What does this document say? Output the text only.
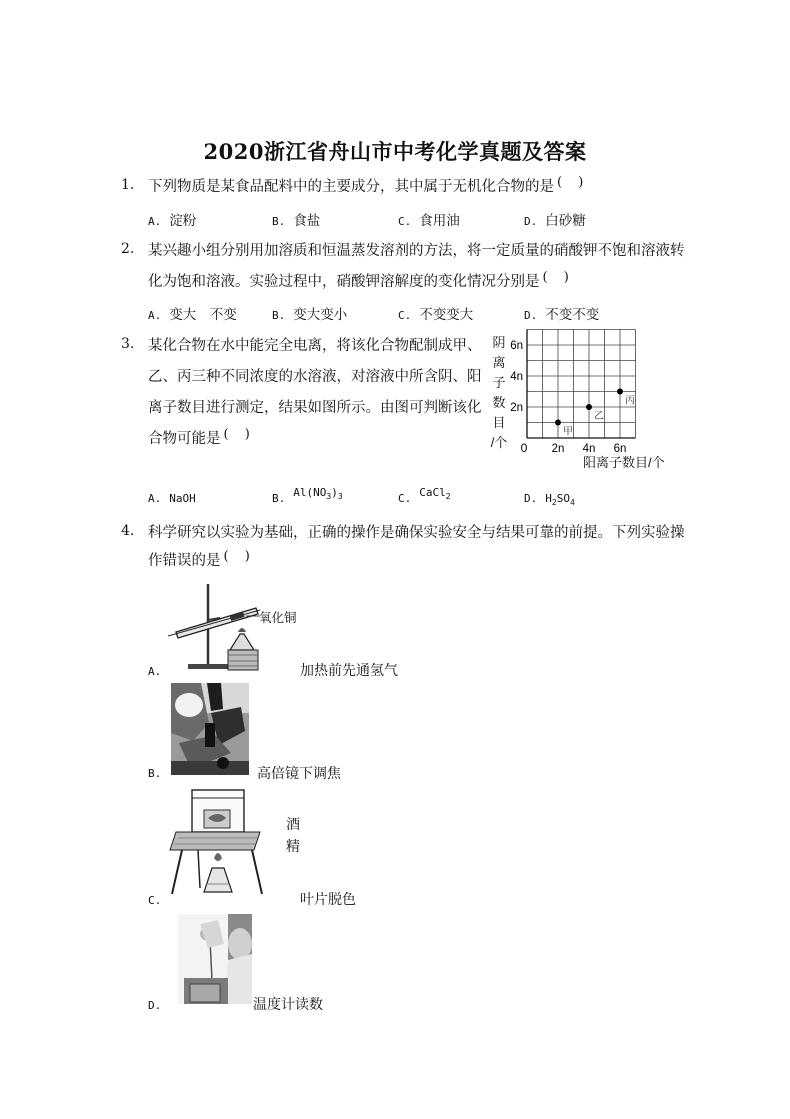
2020浙江省舟山市中考化学真题及答案
1. 下列物质是某食品配料中的主要成分，其中属于无机化合物的是 ( )
A. 淀粉	B. 食盐	C. 食用油	D. 白砂糖
2. 某兴趣小组分别用加溶质和恒温蒸发溶剂的方法，将一定质量的硝酸钾不饱和溶液转
化为饱和溶液。实验过程中，硝酸钾溶解度的变化情况分别是 ( )
A. 变大　不变	B. 变大变小	C. 不变变大	D. 不变不变
3. 某化合物在水中能完全电离，将该化合物配制成甲、
乙、丙三种不同浓度的水溶液，对溶液中所含阴、阳
离子数目进行测定，结果如图所示。由图可判断该化
合物可能是 ( )
阴
离
子
数
目
/个 0 2n 4n 6n
2n
4n
6n
甲
乙
丙
阳离子数目/个
A. NaOH	B. $^{Al(NO_3)_3}$	C. $^{CaCl_2}$	D. $H_2SO_4$
4. 科学研究以实验为基础，正确的操作是确保实验安全与结果可靠的前提。下列实验操
作错误的是 ( )
氧化铜
A.	加热前先通氢气
B.	高倍镜下调焦
酒
精
C.	叶片脱色
D.	温度计读数
